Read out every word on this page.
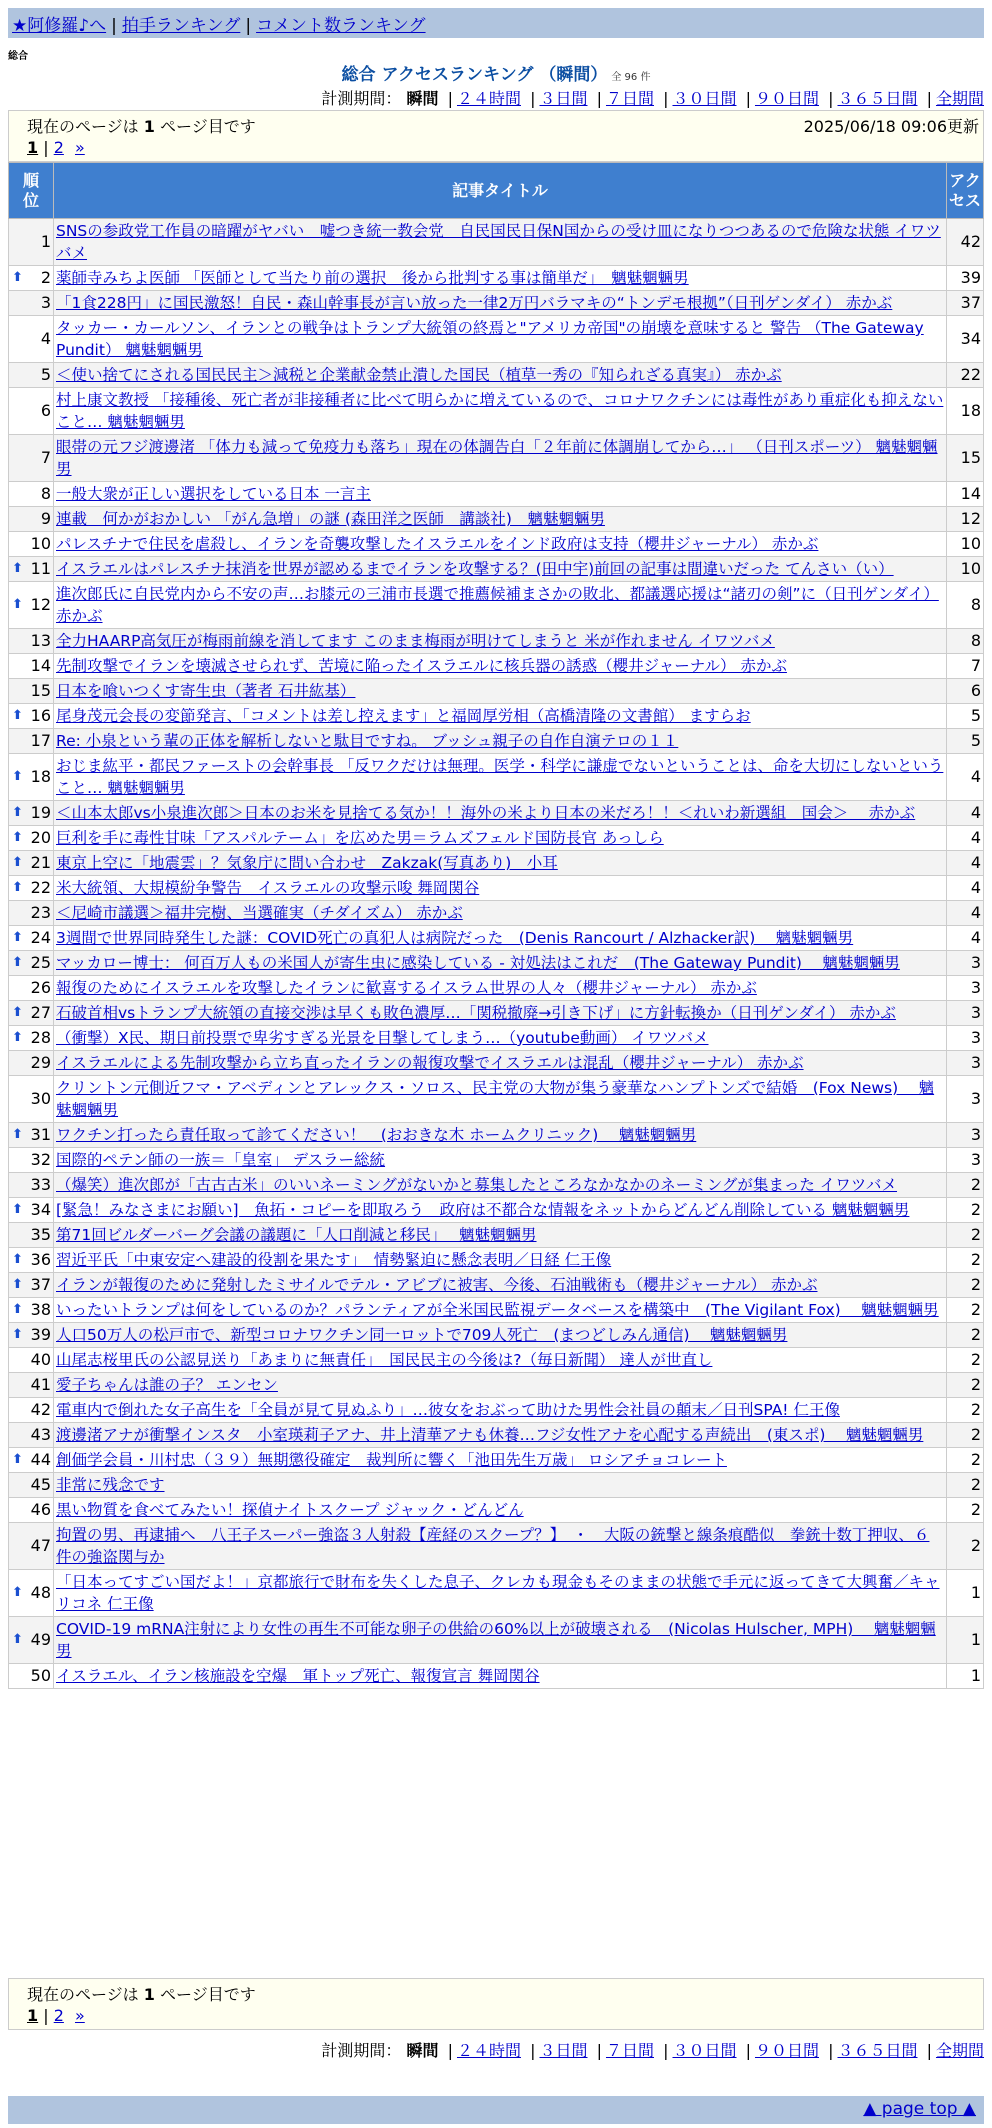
★阿修羅♪へ | 拍手ランキング | コメント数ランキング
総合
総合 アクセスランキング （瞬間） 全 96 件
計測期間： 瞬間 | ２４時間 | ３日間 | ７日間 | ３０日間 | ９０日間 | ３６５日間 | 全期間
現在のページは 1 ページ目です	2025/06/18 09:06更新
1 | 2 »
順位	記事タイトル	アクセス
1	SNSの参政党工作員の暗躍がヤバい　嘘つき統一教会党　自民国民日保N国からの受け皿になりつつあるので危険な状態 イワツバメ	42

⬆ 2	薬師寺みちよ医師 「医師として当たり前の選択　後から批判する事は簡単だ」　魑魅魍魎男	39
3	「1食228円」に国民激怒！自民・森山幹事長が言い放った一律2万円バラマキの“トンデモ根拠”（日刊ゲンダイ） 赤かぶ	37
4	タッカー・カールソン、イランとの戦争はトランプ大統領の終焉と"アメリカ帝国"の崩壊を意味すると 警告 （The Gateway Pundit） 魑魅魍魎男	34
5	＜使い捨てにされる国民民主＞減税と企業献金禁止潰した国民（植草一秀の『知られざる真実』） 赤かぶ	22
6	村上康文教授 「接種後、死亡者が非接種者に比べて明らかに増えているので、コロナワクチンには毒性があり重症化も抑えないこと… 魑魅魍魎男	18
7	眼帯の元フジ渡邊渚 「体力も減って免疫力も落ち」現在の体調告白「２年前に体調崩してから…」 （日刊スポーツ） 魑魅魍魎男	15
8	一般大衆が正しい選択をしている日本 一言主	14
9	連載　何かがおかしい 「がん急増」の謎 (森田洋之医師　講談社)　魑魅魍魎男	12
10	パレスチナで住民を虐殺し、イランを奇襲攻撃したイスラエルをインド政府は支持（櫻井ジャーナル） 赤かぶ	10

⬆ 11	イスラエルはパレスチナ抹消を世界が認めるまでイランを攻撃する？(田中宇)前回の記事は間違いだった てんさい（い）	10

⬆ 12	進次郎氏に自民党内から不安の声…お膝元の三浦市長選で推薦候補まさかの敗北、都議選応援は“諸刃の剣”に（日刊ゲンダイ） 赤かぶ	8
13	全力HAARP高気圧が梅雨前線を消してます このまま梅雨が明けてしまうと 米が作れません イワツバメ	8
14	先制攻撃でイランを壊滅させられず、苦境に陥ったイスラエルに核兵器の誘惑（櫻井ジャーナル） 赤かぶ	7
15	日本を喰いつくす寄生虫（著者 石井紘基）	6

⬆ 16	尾身茂元会長の変節発言、「コメントは差し控えます」と福岡厚労相（高橋清隆の文書館） ますらお	5
17	Re: 小泉という輩の正体を解析しないと駄目ですね。 ブッシュ親子の自作自演テロの１１	5

⬆ 18	おじま紘平・都民ファーストの会幹事長 「反ワクだけは無理。医学・科学に謙虚でないということは、命を大切にしないということ… 魑魅魍魎男	4

⬆ 19	＜山本太郎vs小泉進次郎＞日本のお米を見捨てる気か！！海外の米より日本の米だろ！！＜れいわ新選組　国会＞　 赤かぶ	4

⬆ 20	巨利を手に毒性甘味「アスパルテーム」を広めた男＝ラムズフェルド国防長官 あっしら	4

⬆ 21	東京上空に「地震雲」？気象庁に問い合わせ　Zakzak(写真あり)　小耳	4

⬆ 22	米大統領、大規模紛争警告　イスラエルの攻撃示唆 舞岡関谷	4
23	＜尼崎市議選＞福井完樹、当選確実（チダイズム） 赤かぶ	4

⬆ 24	3週間で世界同時発生した謎：COVID死亡の真犯人は病院だった　(Denis Rancourt / Alzhacker訳)　 魑魅魍魎男	4

⬆ 25	マッカロー博士： 何百万人もの米国人が寄生虫に感染している - 対処法はこれだ　(The Gateway Pundit)　 魑魅魍魎男	3
26	報復のためにイスラエルを攻撃したイランに歓喜するイスラム世界の人々（櫻井ジャーナル） 赤かぶ	3

⬆ 27	石破首相vsトランプ大統領の直接交渉は早くも敗色濃厚…「関税撤廃→引き下げ」に方針転換か（日刊ゲンダイ） 赤かぶ	3

⬆ 28	（衝撃）X民、期日前投票で卑劣すぎる光景を目撃してしまう…（youtube動画） イワツバメ	3
29	イスラエルによる先制攻撃から立ち直ったイランの報復攻撃でイスラエルは混乱（櫻井ジャーナル） 赤かぶ	3
30	クリントン元側近フマ・アベディンとアレックス・ソロス、民主党の大物が集う豪華なハンプトンズで結婚　(Fox News)　 魑魅魍魎男	3

⬆ 31	ワクチン打ったら責任取って診てください！　(おおきな木 ホームクリニック)　 魑魅魍魎男	3
32	国際的ペテン師の一族＝「皇室」 デスラー総統	3
33	（爆笑）進次郎が「古古古米」のいいネーミングがないかと募集したところなかなかのネーミングが集まった イワツバメ	2

⬆ 34	[緊急！みなさまにお願い]　魚拓・コピーを即取ろう　政府は不都合な情報をネットからどんどん削除している 魑魅魍魎男	2
35	第71回ビルダーバーグ会議の議題に「人口削減と移民」　 魑魅魍魎男	2

⬆ 36	習近平氏「中東安定へ建設的役割を果たす」　情勢緊迫に懸念表明／日経 仁王像	2

⬆ 37	イランが報復のために発射したミサイルでテル・アビブに被害、今後、石油戦術も（櫻井ジャーナル） 赤かぶ	2

⬆ 38	いったいトランプは何をしているのか？パランティアが全米国民監視データベースを構築中　(The Vigilant Fox)　 魑魅魍魎男	2

⬆ 39	人口50万人の松戸市で、新型コロナワクチン同一ロットで709人死亡　(まつどしみん通信)　 魑魅魍魎男	2
40	山尾志桜里氏の公認見送り「あまりに無責任」　国民民主の今後は?（毎日新聞） 達人が世直し	2
41	愛子ちゃんは誰の子？ エンセン	2
42	電車内で倒れた女子高生を「全員が見て見ぬふり」…彼女をおぶって助けた男性会社員の顛末／日刊SPA! 仁王像	2
43	渡邊渚アナが衝撃インスタ　小室瑛莉子アナ、井上清華アナも休養…フジ女性アナを心配する声続出　(東スポ)　 魑魅魍魎男	2

⬆ 44	創価学会員・川村忠（３９）無期懲役確定　裁判所に響く「池田先生万歳」 ロシアチョコレート	2
45	非常に残念です	2
46	黒い物質を食べてみたい！探偵ナイトスクープ ジャック・どんどん	2
47	拘置の男、再逮捕へ　八王子スーパー強盗３人射殺【産経のスクープ？】　・　大阪の銃撃と線条痕酷似　拳銃十数丁押収、６件の強盗関与か	2

⬆ 48	「日本ってすごい国だよ！」京都旅行で財布を失くした息子、クレカも現金もそのままの状態で手元に返ってきて大興奮／キャリコネ 仁王像	1

⬆ 49	COVID-19 mRNA注射により女性の再生不可能な卵子の供給の60%以上が破壊される　(Nicolas Hulscher, MPH)　 魑魅魍魎男	1
50	イスラエル、イラン核施設を空爆　軍トップ死亡、報復宣言 舞岡関谷	1
現在のページは 1 ページ目です
1 | 2 »
計測期間： 瞬間 | ２４時間 | ３日間 | ７日間 | ３０日間 | ９０日間 | ３６５日間 | 全期間
▲ page top ▲
